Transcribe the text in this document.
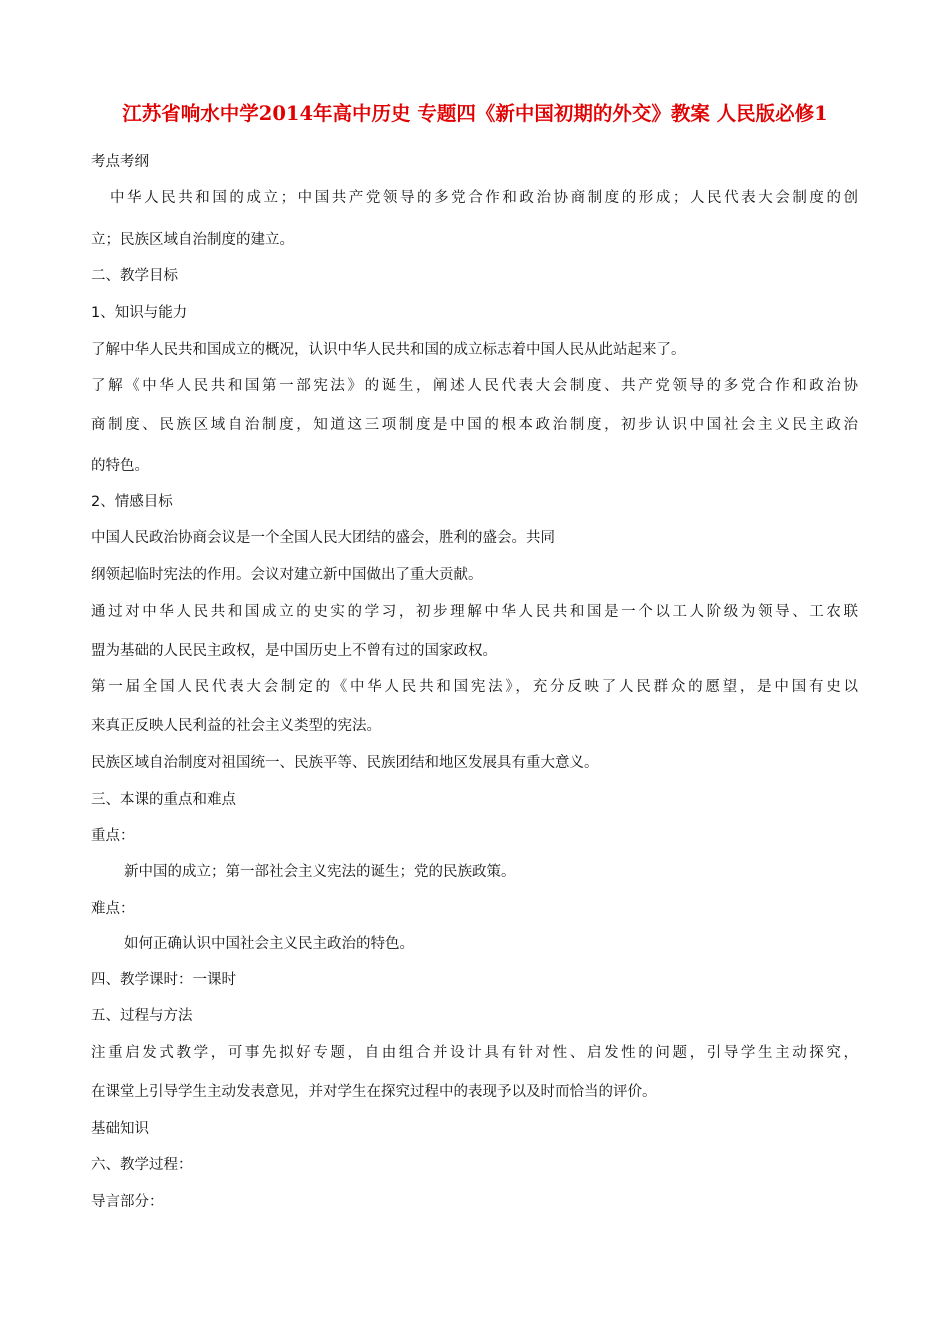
江苏省响水中学2014年高中历史 专题四《新中国初期的外交》教案 人民版必修1
考点考纲
中华人民共和国的成立；中国共产党领导的多党合作和政治协商制度的形成；人民代表大会制度的创
立；民族区域自治制度的建立。
二、教学目标
1、知识与能力
了解中华人民共和国成立的概况，认识中华人民共和国的成立标志着中国人民从此站起来了。
了解《中华人民共和国第一部宪法》的诞生，阐述人民代表大会制度、共产党领导的多党合作和政治协
商制度、民族区域自治制度，知道这三项制度是中国的根本政治制度，初步认识中国社会主义民主政治
的特色。
2、情感目标
中国人民政治协商会议是一个全国人民大团结的盛会，胜利的盛会。共同
纲领起临时宪法的作用。会议对建立新中国做出了重大贡献。
通过对中华人民共和国成立的史实的学习，初步理解中华人民共和国是一个以工人阶级为领导、工农联
盟为基础的人民民主政权，是中国历史上不曾有过的国家政权。
第一届全国人民代表大会制定的《中华人民共和国宪法》，充分反映了人民群众的愿望，是中国有史以
来真正反映人民利益的社会主义类型的宪法。
民族区域自治制度对祖国统一、民族平等、民族团结和地区发展具有重大意义。
三、本课的重点和难点
重点：
新中国的成立；第一部社会主义宪法的诞生；党的民族政策。
难点：
如何正确认识中国社会主义民主政治的特色。
四、教学课时：一课时
五、过程与方法
注重启发式教学，可事先拟好专题，自由组合并设计具有针对性、启发性的问题，引导学生主动探究，
在课堂上引导学生主动发表意见，并对学生在探究过程中的表现予以及时而恰当的评价。
基础知识
六、教学过程：
导言部分：
